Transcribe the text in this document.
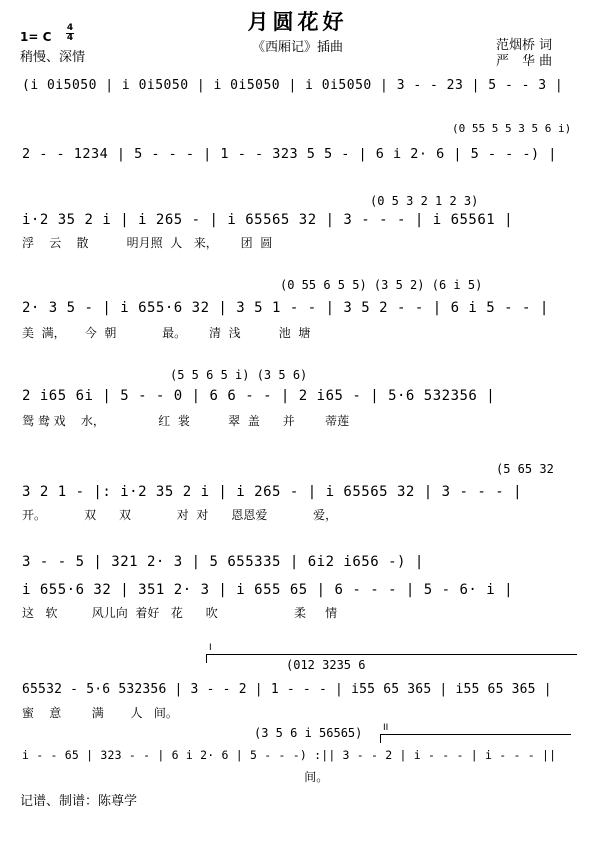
月圆花好
《西厢记》插曲
1= C
4
4
稍慢、深情
范烟桥 词
严　华 曲
(i 0i5050 | i 0i5050 | i 0i5050 | i 0i5050 | 3 - - 23 | 5 - - 3 |
(0 55 5 5 3 5 6 i)
2 - - 1234 | 5 - - - | 1 - - 323 5 5 - | 6 i 2· 6 | 5 - - -) |
(0 5 3 2 1 2 3)
i·2 35 2 i | i 265 - | i 65565 32 | 3 - - - | i 65561 |
浮    云    散          明月照  人   来，      团  圆
(0 55 6 5 5) (3 5 2) (6 i 5)
2· 3 5 - | i 655·6 32 | 3 5 1 - - | 3 5 2 - - | 6 i 5 - - |
美  满，     今  朝            最。      清  浅          池  塘
(5 5 6 5 i) (3 5 6)
2 i65 6i | 5 - - 0 | 6 6 - - | 2 i65 - | 5·6 532356 |
鸳 鸯 戏    水，              红  裳          翠  盖      并        蒂莲
(5 65 32
3 2 1 - |: i·2 35 2 i | i 265 - | i 65565 32 | 3 - - - |
开。          双      双            对  对      恩恩爱            爱，
3 - - 5 | 321 2· 3 | 5 655335 | 6i2 i656 -) |
i 655·6 32 | 351 2· 3 | i 655 65 | 6 - - - | 5 - 6· i |
这   软         风儿向  着好   花      吹                    柔     情
I
(012 3235 6
65532 - 5·6 532356 | 3 - - 2 | 1 - - - | i55 65 365 | i55 65 365 |
蜜    意        满       人   间。
II
(3 5 6 i 56565)
i - - 65 | 323 - - | 6 i 2· 6 | 5 - - -) :|| 3 - - 2 | i - - - | i - - - ||
间。
记谱、制谱：陈尊学
